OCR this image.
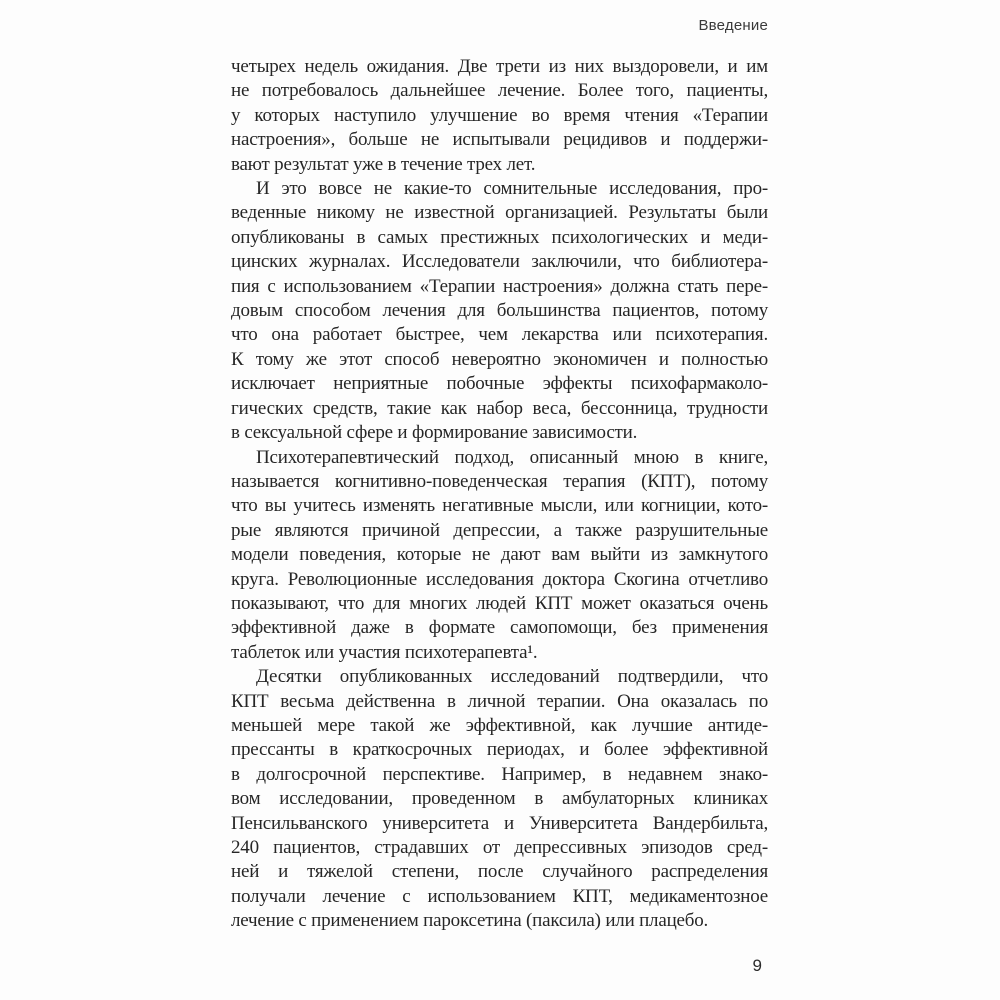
Введение
четырех недель ожидания. Две трети из них выздоровели, и им
не потребовалось дальнейшее лечение. Более того, пациенты,
у которых наступило улучшение во время чтения «Терапии
настроения», больше не испытывали рецидивов и поддержи-
вают результат уже в течение трех лет.
И это вовсе не какие-то сомнительные исследования, про-
веденные никому не известной организацией. Результаты были
опубликованы в самых престижных психологических и меди-
цинских журналах. Исследователи заключили, что библиотера-
пия с использованием «Терапии настроения» должна стать пере-
довым способом лечения для большинства пациентов, потому
что она работает быстрее, чем лекарства или психотерапия.
К тому же этот способ невероятно экономичен и полностью
исключает неприятные побочные эффекты психофармаколо-
гических средств, такие как набор веса, бессонница, трудности
в сексуальной сфере и формирование зависимости.
Психотерапевтический подход, описанный мною в книге,
называется когнитивно-поведенческая терапия (КПТ), потому
что вы учитесь изменять негативные мысли, или когниции, кото-
рые являются причиной депрессии, а также разрушительные
модели поведения, которые не дают вам выйти из замкнутого
круга. Революционные исследования доктора Скогина отчетливо
показывают, что для многих людей КПТ может оказаться очень
эффективной даже в формате самопомощи, без применения
таблеток или участия психотерапевта¹.
Десятки опубликованных исследований подтвердили, что
КПТ весьма действенна в личной терапии. Она оказалась по
меньшей мере такой же эффективной, как лучшие антиде-
прессанты в краткосрочных периодах, и более эффективной
в долгосрочной перспективе. Например, в недавнем знако-
вом исследовании, проведенном в амбулаторных клиниках
Пенсильванского университета и Университета Вандербильта,
240 пациентов, страдавших от депрессивных эпизодов сред-
ней и тяжелой степени, после случайного распределения
получали лечение с использованием КПТ, медикаментозное
лечение с применением пароксетина (паксила) или плацебо.
9
